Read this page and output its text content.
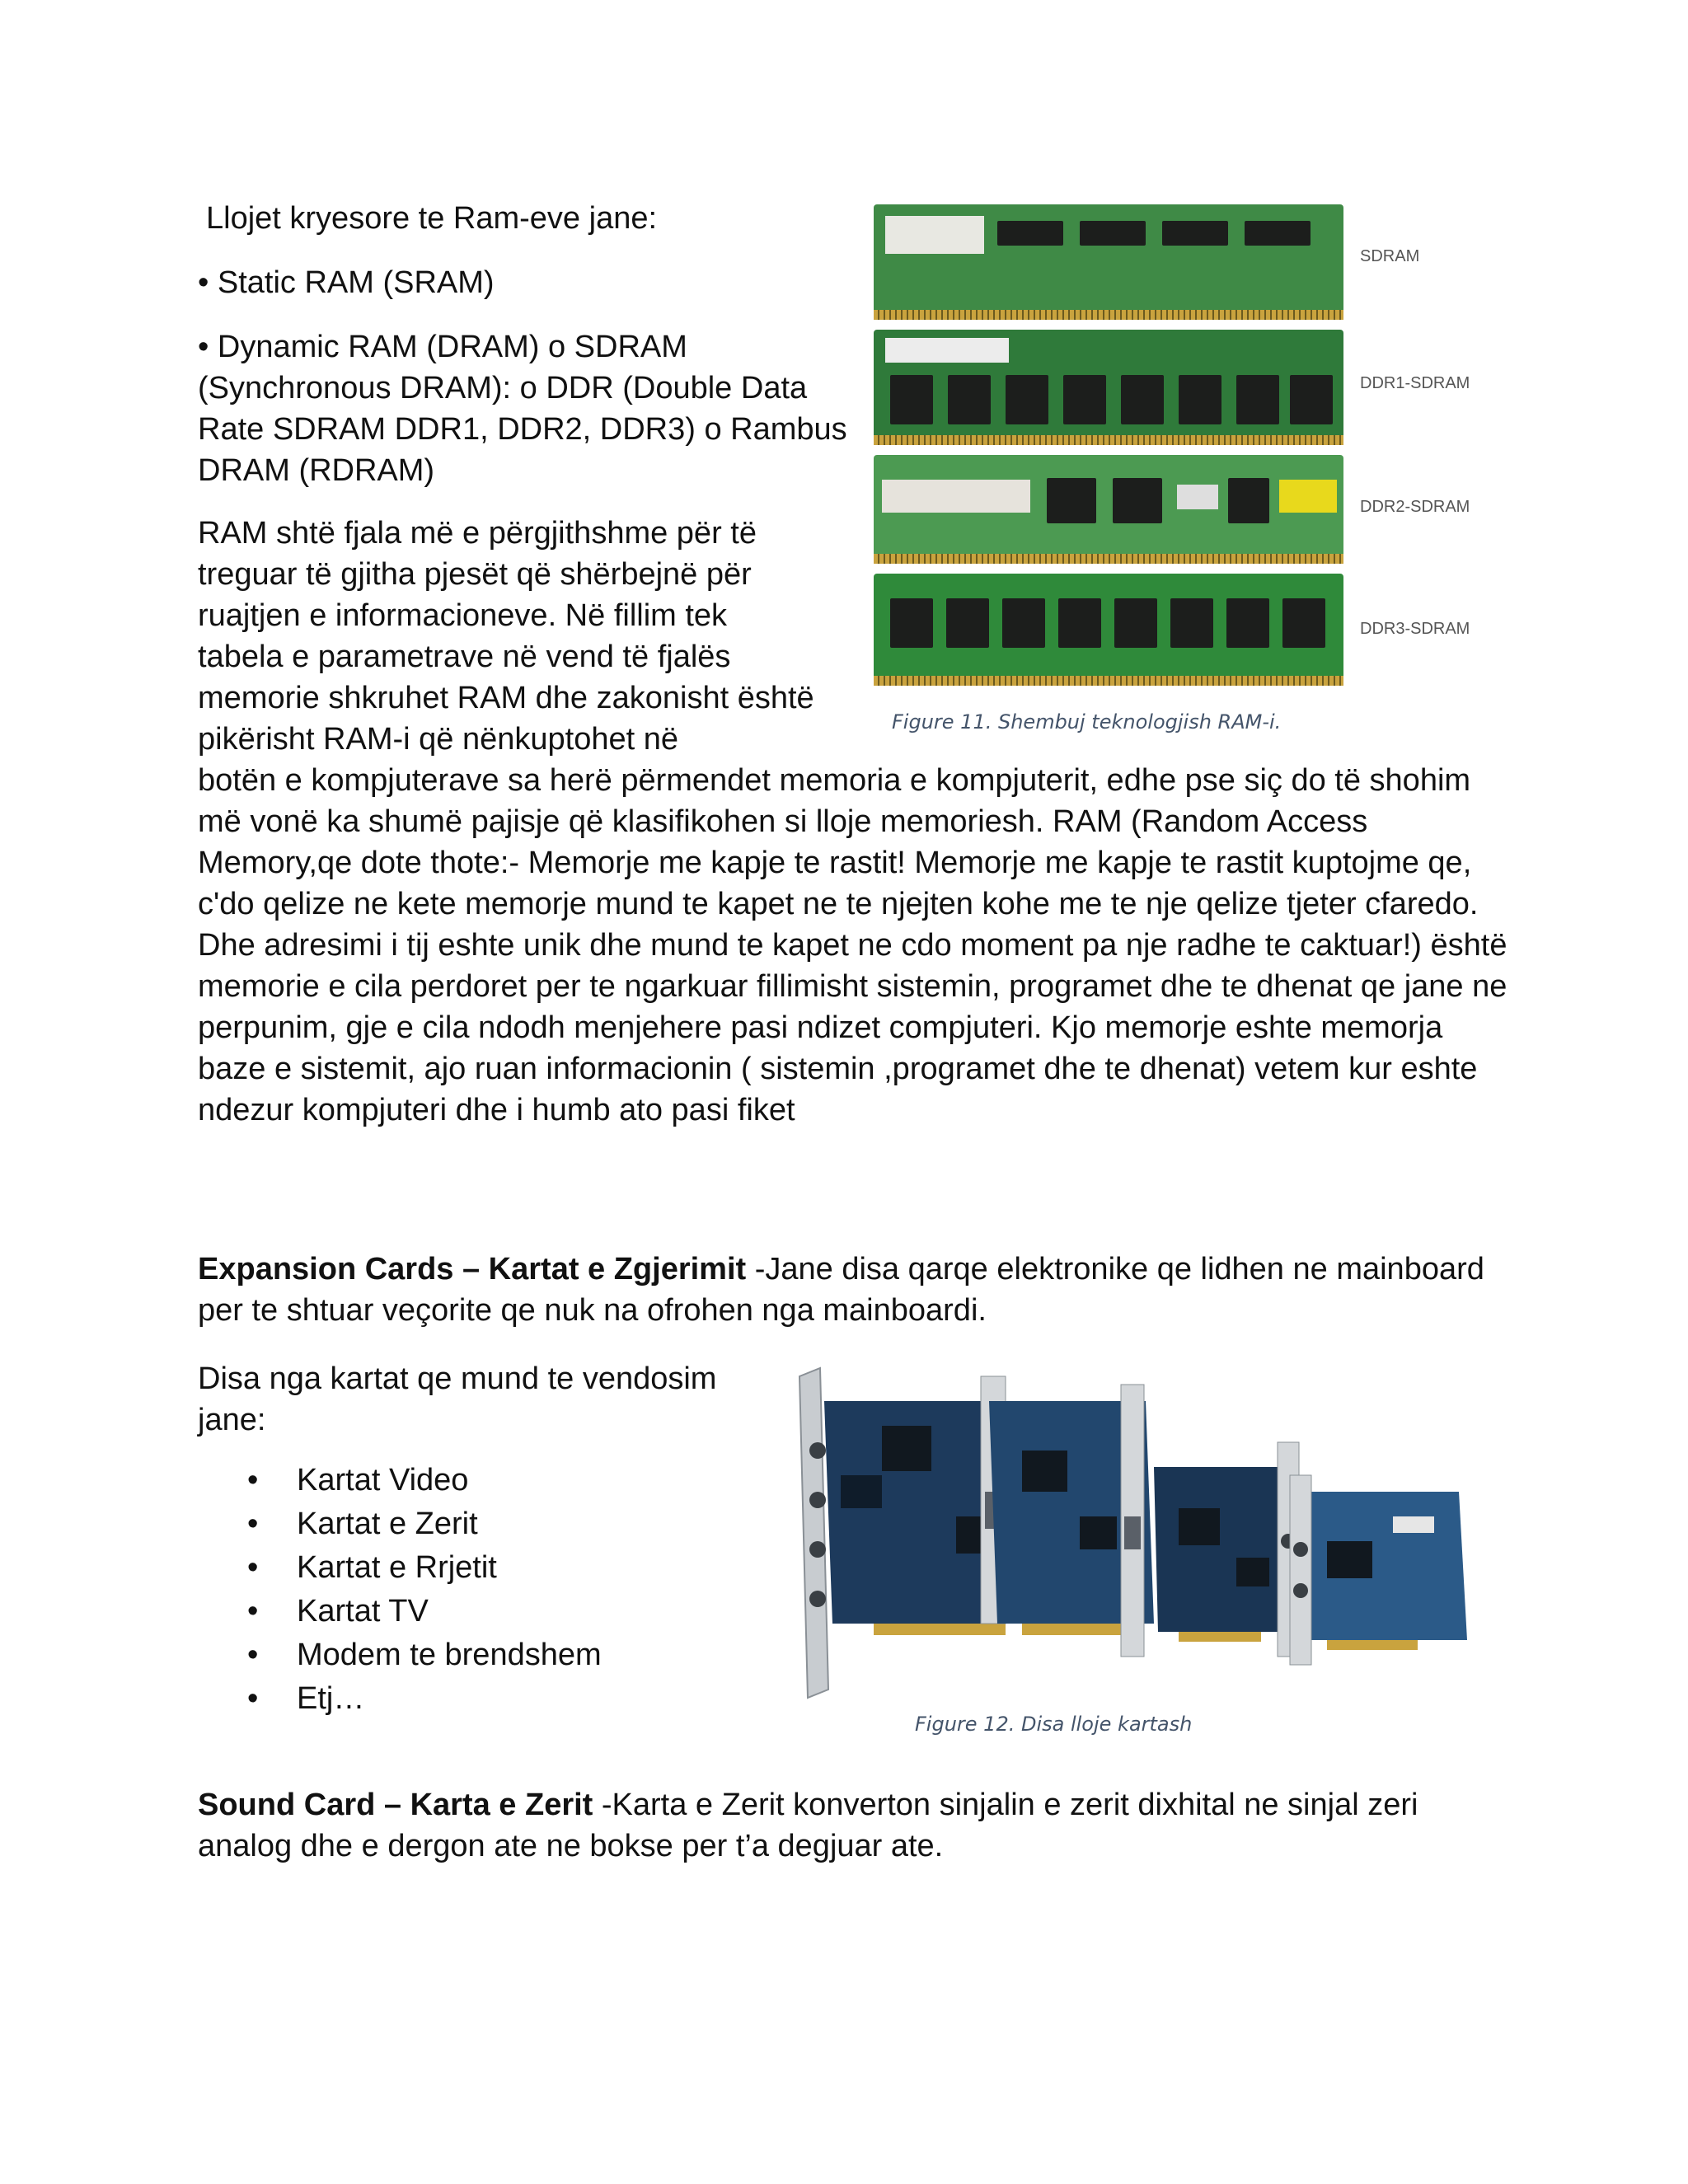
Llojet kryesore te Ram-eve jane:

• Static RAM (SRAM)

• Dynamic RAM (DRAM) o SDRAM (Synchronous DRAM): o DDR (Double Data Rate SDRAM DDR1, DDR2, DDR3) o Rambus DRAM (RDRAM)

RAM shtë fjala më e përgjithshme për të treguar të gjitha pjesët që shërbejnë për ruajtjen e informacioneve. Në fillim tek tabela e parametrave në vend të fjalës memorie shkruhet RAM dhe zakonisht është pikërisht RAM-i që nënkuptohet në

botën e kompjuterave sa herë përmendet memoria e kompjuterit, edhe pse siç do të shohim më vonë ka shumë pajisje që klasifikohen si lloje memoriesh. RAM (Random Access Memory,qe dote thote:- Memorje me kapje te rastit! Memorje me kapje te rastit kuptojme qe, c'do qelize ne kete memorje mund te kapet ne te njejten kohe me te nje qelize tjeter cfaredo. Dhe adresimi i tij eshte unik dhe mund te kapet ne cdo moment pa nje radhe te caktuar!) është memorie e cila perdoret per te ngarkuar fillimisht sistemin, programet dhe te dhenat qe jane ne perpunim, gje e cila ndodh menjehere pasi ndizet compjuteri. Kjo memorje eshte memorja baze e sistemit, ajo ruan informacionin ( sistemin ,programet dhe te dhenat) vetem kur eshte ndezur kompjuteri dhe i humb ato pasi fiket

SDRAM
DDR1-SDRAM
DDR2-SDRAM
DDR3-SDRAM
Figure 11. Shembuj teknologjish RAM-i.

Expansion Cards – Kartat e Zgjerimit -Jane disa qarqe elektronike qe lidhen ne mainboard per te shtuar veçorite qe nuk na ofrohen nga mainboardi.

Disa nga kartat qe mund te vendosim jane:

• Kartat Video
• Kartat e Zerit
• Kartat e Rrjetit
• Kartat TV
• Modem te brendshem
• Etj…
Figure 12. Disa lloje kartash

Sound Card – Karta e Zerit -Karta e Zerit konverton sinjalin e zerit dixhital ne sinjal zeri analog dhe e dergon ate ne bokse per t’a degjuar ate.
